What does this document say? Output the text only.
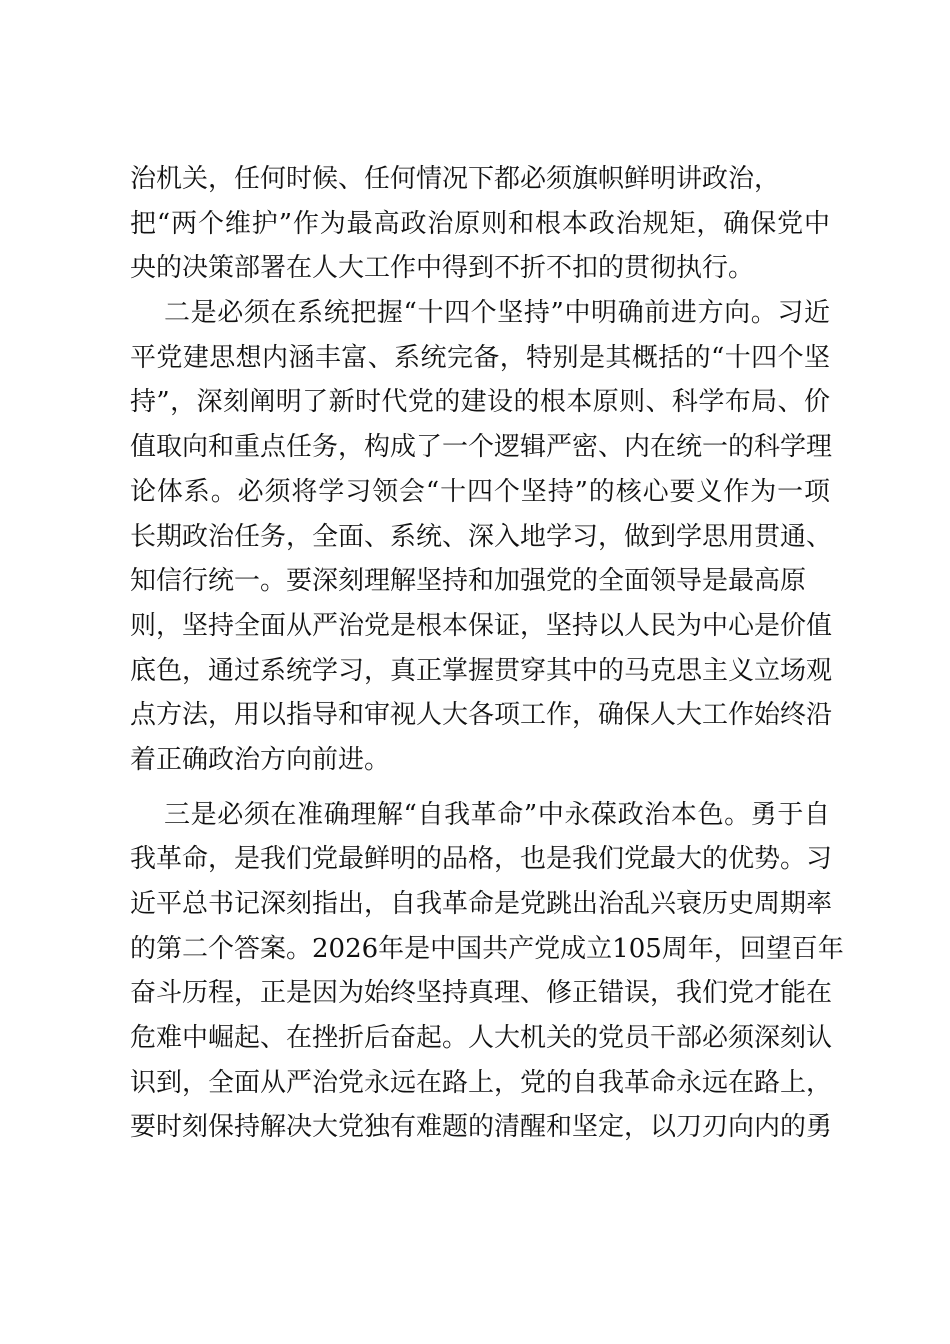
治机关，任何时候、任何情况下都必须旗帜鲜明讲政治，
把“两个维护”作为最高政治原则和根本政治规矩，确保党中
央的决策部署在人大工作中得到不折不扣的贯彻执行。
二是必须在系统把握“十四个坚持”中明确前进方向。习近
平党建思想内涵丰富、系统完备，特别是其概括的“十四个坚
持”，深刻阐明了新时代党的建设的根本原则、科学布局、价
值取向和重点任务，构成了一个逻辑严密、内在统一的科学理
论体系。必须将学习领会“十四个坚持”的核心要义作为一项
长期政治任务，全面、系统、深入地学习，做到学思用贯通、
知信行统一。要深刻理解坚持和加强党的全面领导是最高原
则，坚持全面从严治党是根本保证，坚持以人民为中心是价值
底色，通过系统学习，真正掌握贯穿其中的马克思主义立场观
点方法，用以指导和审视人大各项工作，确保人大工作始终沿
着正确政治方向前进。
三是必须在准确理解“自我革命”中永葆政治本色。勇于自
我革命，是我们党最鲜明的品格，也是我们党最大的优势。习
近平总书记深刻指出，自我革命是党跳出治乱兴衰历史周期率
的第二个答案。2026年是中国共产党成立105周年，回望百年
奋斗历程，正是因为始终坚持真理、修正错误，我们党才能在
危难中崛起、在挫折后奋起。人大机关的党员干部必须深刻认
识到，全面从严治党永远在路上，党的自我革命永远在路上，
要时刻保持解决大党独有难题的清醒和坚定，以刀刃向内的勇
